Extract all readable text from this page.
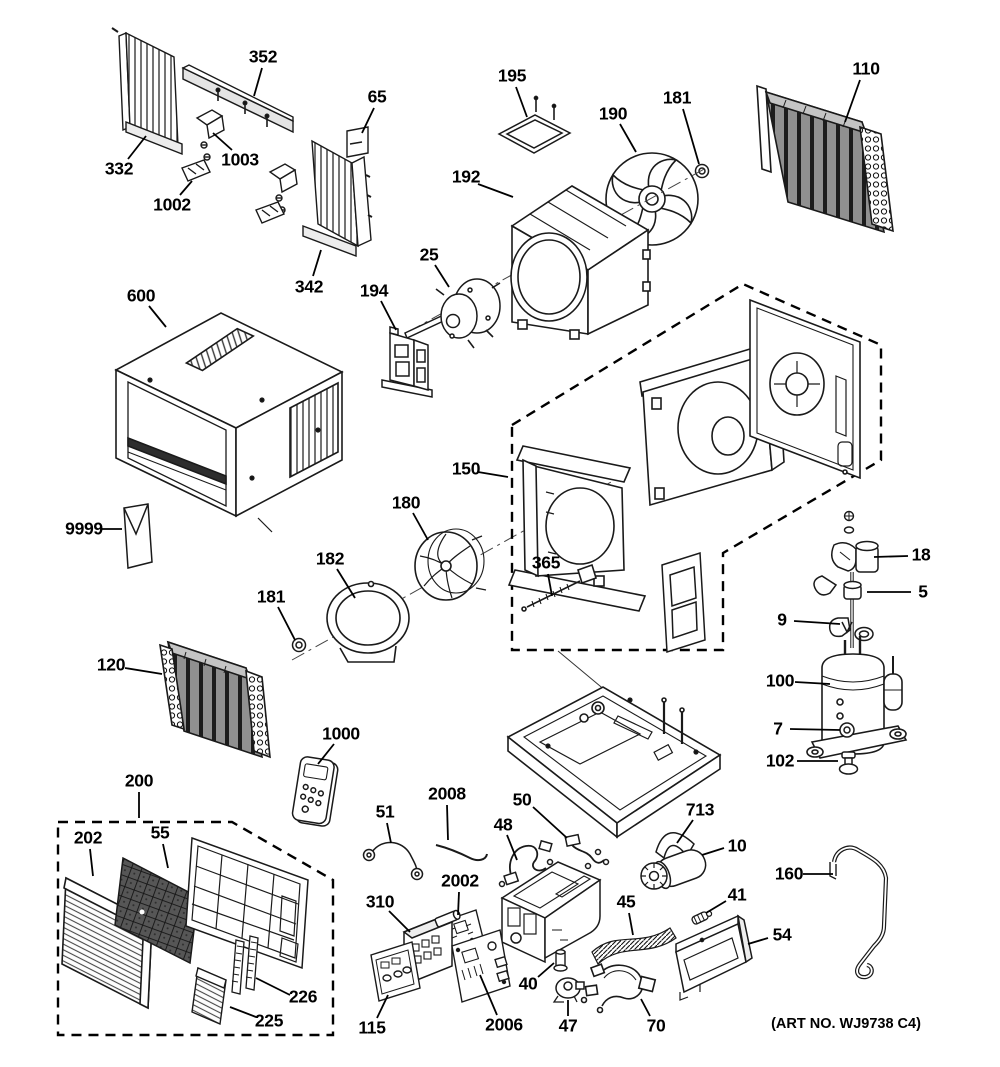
352
65
332	1003
1002
342
195
190
181
110
192
25
194
600
150
9999
180
182
181
365
120
1000
18
5
9
100
7
102
200
202	55
226
225
51
2008
48
50
2002
310
115	2006
40
47	70
45
713
10
41
54
160
(ART NO. WJ9738 C4)
